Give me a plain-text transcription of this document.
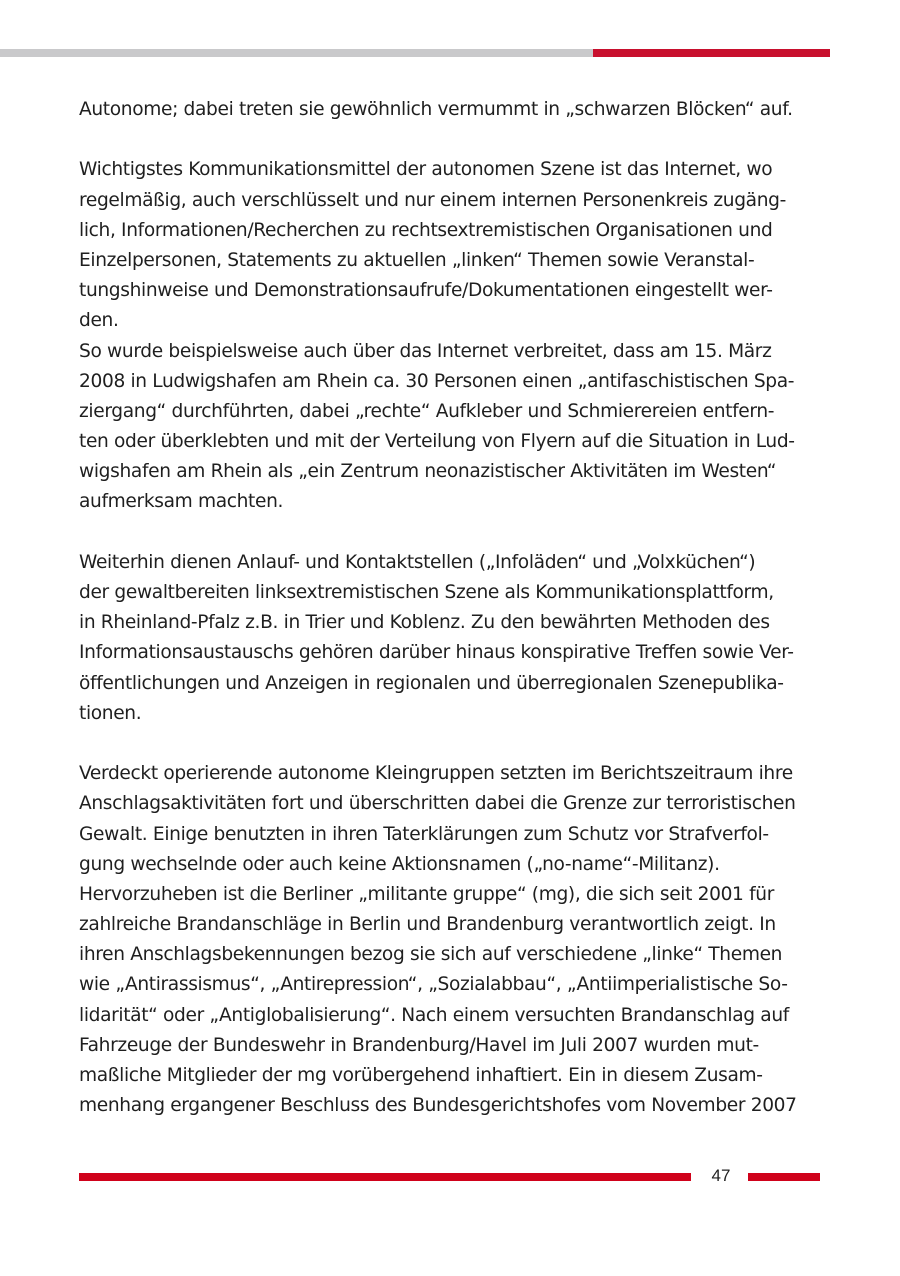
Autonome; dabei treten sie gewöhnlich vermummt in „schwarzen Blöcken“ auf.
Wichtigstes Kommunikationsmittel der autonomen Szene ist das Internet, wo
regelmäßig, auch verschlüsselt und nur einem internen Personenkreis zugäng-
lich, Informationen/Recherchen zu rechtsextremistischen Organisationen und
Einzelpersonen, Statements zu aktuellen „linken“ Themen sowie Veranstal-
tungshinweise und Demonstrationsaufrufe/Dokumentationen eingestellt wer-
den.
So wurde beispielsweise auch über das Internet verbreitet, dass am 15. März
2008 in Ludwigshafen am Rhein ca. 30 Personen einen „antifaschistischen Spa-
ziergang“ durchführten, dabei „rechte“ Aufkleber und Schmierereien entfern-
ten oder überklebten und mit der Verteilung von Flyern auf die Situation in Lud-
wigshafen am Rhein als „ein Zentrum neonazistischer Aktivitäten im Westen“
aufmerksam machten.
Weiterhin dienen Anlauf- und Kontaktstellen („Infoläden“ und „Volxküchen“)
der gewaltbereiten linksextremistischen Szene als Kommunikationsplattform,
in Rheinland-Pfalz z.B. in Trier und Koblenz. Zu den bewährten Methoden des
Informationsaustauschs gehören darüber hinaus konspirative Treffen sowie Ver-
öffentlichungen und Anzeigen in regionalen und überregionalen Szenepublika-
tionen.
Verdeckt operierende autonome Kleingruppen setzten im Berichtszeitraum ihre
Anschlagsaktivitäten fort und überschritten dabei die Grenze zur terroristischen
Gewalt. Einige benutzten in ihren Taterklärungen zum Schutz vor Strafverfol-
gung wechselnde oder auch keine Aktionsnamen („no-name“-Militanz).
Hervorzuheben ist die Berliner „militante gruppe“ (mg), die sich seit 2001 für
zahlreiche Brandanschläge in Berlin und Brandenburg verantwortlich zeigt. In
ihren Anschlagsbekennungen bezog sie sich auf verschiedene „linke“ Themen
wie „Antirassismus“, „Antirepression“, „Sozialabbau“, „Antiimperialistische So-
lidarität“ oder „Antiglobalisierung“. Nach einem versuchten Brandanschlag auf
Fahrzeuge der Bundeswehr in Brandenburg/Havel im Juli 2007 wurden mut-
maßliche Mitglieder der mg vorübergehend inhaftiert. Ein in diesem Zusam-
menhang ergangener Beschluss des Bundesgerichtshofes vom November 2007
47
